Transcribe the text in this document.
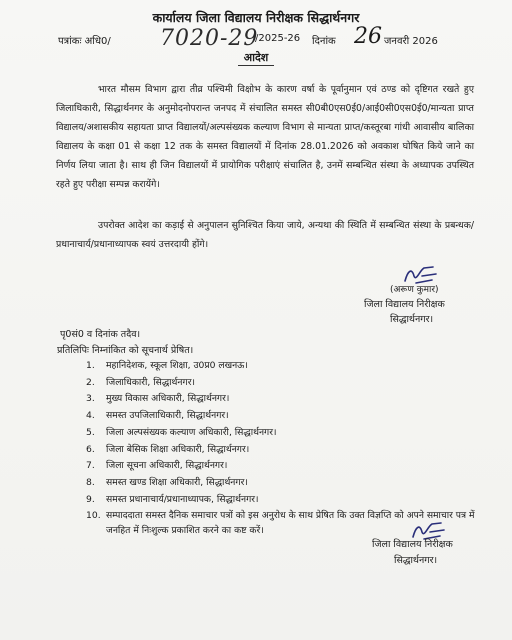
कार्यालय जिला विद्यालय निरीक्षक सिद्धार्थनगर
पत्रांकः अधि0/ 7020-29
/2025-26 दिनांक 26 जनवरी 2026
आदेश
भारत मौसम विभाग द्वारा तीव्र पश्चिमी विक्षोभ के कारण वर्षा के पूर्वानुमान एवं ठण्ड को दृष्टिगत रखते हुए जिलाधिकारी, सिद्धार्थनगर के अनुमोदनोपरान्त जनपद में संचालित समस्त सी0बी0एस0ई0/आई0सी0एस0ई0/मान्यता प्राप्त विद्यालय/अशासकीय सहायता प्राप्त विद्यालयों/अल्पसंख्यक कल्याण विभाग से मान्यता प्राप्त/कस्तूरबा गांधी आवासीय बालिका विद्यालय के कक्षा 01 से कक्षा 12 तक के समस्त विद्यालयों में दिनांक 28.01.2026 को अवकाश घोषित किये जाने का निर्णय लिया जाता है। साथ ही जिन विद्यालयों में प्रायोगिक परीक्षाएं संचालित है, उनमें सम्बन्धित संस्था के अध्यापक उपस्थित रहते हुए परीक्षा सम्पन्न करायेंगे।
उपरोक्त आदेश का कड़ाई से अनुपालन सुनिश्चित किया जाये, अन्यथा की स्थिति में सम्बन्धित संस्था के प्रबन्धक/प्रधानाचार्य/प्रधानाध्यापक स्वयं उत्तरदायी होंगे।
(अरूण कुमार)
जिला विद्यालय निरीक्षक
सिद्धार्थनगर।
पृ0सं0 व दिनांक तदैव।
प्रतिलिपिः निम्नांकित को सूचनार्थ प्रेषित।
1. महानिदेशक, स्कूल शिक्षा, उ0प्र0 लखनऊ।
2. जिलाधिकारी, सिद्धार्थनगर।
3. मुख्य विकास अधिकारी, सिद्धार्थनगर।
4. समस्त उपजिलाधिकारी, सिद्धार्थनगर।
5. जिला अल्पसंख्यक कल्याण अधिकारी, सिद्धार्थनगर।
6. जिला बेसिक शिक्षा अधिकारी, सिद्धार्थनगर।
7. जिला सूचना अधिकारी, सिद्धार्थनगर।
8. समस्त खण्ड शिक्षा अधिकारी, सिद्धार्थनगर।
9. समस्त प्रधानाचार्य/प्रधानाध्यापक, सिद्धार्थनगर।
10. सम्पाददाता समस्त दैनिक समाचार पत्रों को इस अनुरोध के साथ प्रेषित कि उक्त विज्ञप्ति को अपने समाचार पत्र में जनहित में निःशुल्क प्रकाशित करने का कष्ट करें।
जिला विद्यालय निरीक्षक
सिद्धार्थनगर।
